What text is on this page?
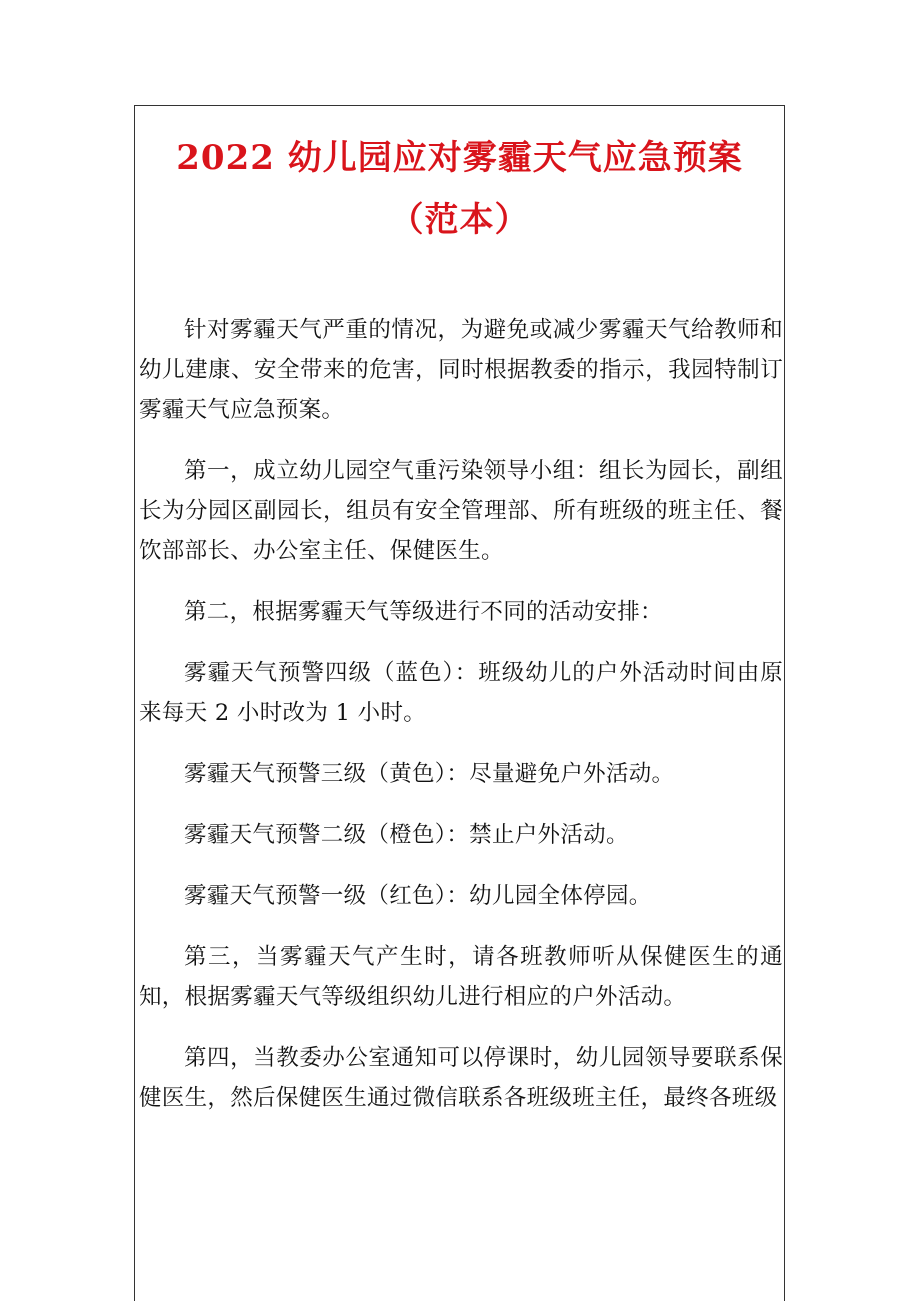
2022 幼儿园应对雾霾天气应急预案
（范本）

针对雾霾天气严重的情况，为避免或减少雾霾天气给教师和幼儿建康、安全带来的危害，同时根据教委的指示，我园特制订雾霾天气应急预案。

第一，成立幼儿园空气重污染领导小组：组长为园长，副组长为分园区副园长，组员有安全管理部、所有班级的班主任、餐饮部部长、办公室主任、保健医生。

第二，根据雾霾天气等级进行不同的活动安排：

雾霾天气预警四级（蓝色）：班级幼儿的户外活动时间由原来每天 2 小时改为 1 小时。

雾霾天气预警三级（黄色）：尽量避免户外活动。

雾霾天气预警二级（橙色）：禁止户外活动。

雾霾天气预警一级（红色）：幼儿园全体停园。

第三，当雾霾天气产生时，请各班教师听从保健医生的通知，根据雾霾天气等级组织幼儿进行相应的户外活动。

第四，当教委办公室通知可以停课时，幼儿园领导要联系保健医生，然后保健医生通过微信联系各班级班主任，最终各班级
